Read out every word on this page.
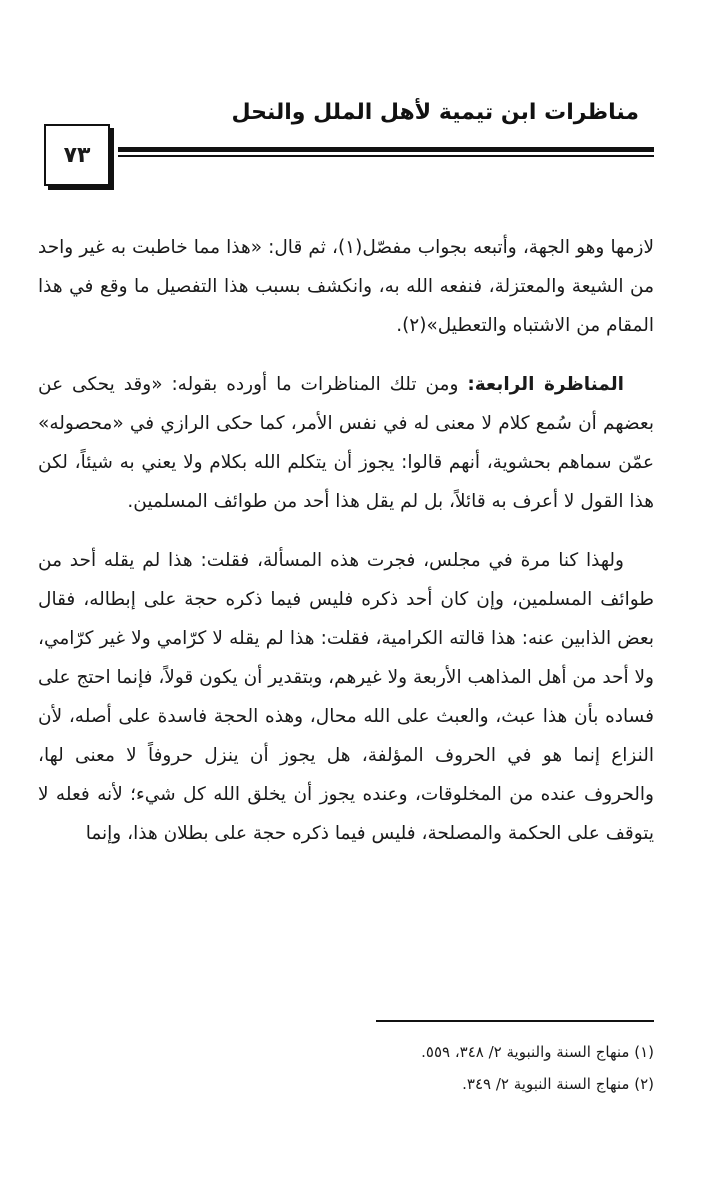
مناظرات ابن تيمية لأهل الملل والنحل
٧٣

لازمها وهو الجهة، وأتبعه بجواب مفصّل(١)، ثم قال: «هذا مما خاطبت به غير واحد من الشيعة والمعتزلة، فنفعه الله به، وانكشف بسبب هذا التفصيل ما وقع في هذا المقام من الاشتباه والتعطيل»(٢).

المناظرة الرابعة: ومن تلك المناظرات ما أورده بقوله: «وقد يحكى عن بعضهم أن سُمع كلام لا معنى له في نفس الأمر، كما حكى الرازي في «محصوله» عمّن سماهم بحشوية، أنهم قالوا: يجوز أن يتكلم الله بكلام ولا يعني به شيئاً، لكن هذا القول لا أعرف به قائلاً، بل لم يقل هذا أحد من طوائف المسلمين.

ولهذا كنا مرة في مجلس، فجرت هذه المسألة، فقلت: هذا لم يقله أحد من طوائف المسلمين، وإن كان أحد ذكره فليس فيما ذكره حجة على إبطاله، فقال بعض الذابين عنه: هذا قالته الكرامية، فقلت: هذا لم يقله لا كرّامي ولا غير كرّامي، ولا أحد من أهل المذاهب الأربعة ولا غيرهم، وبتقدير أن يكون قولاً، فإنما احتج على فساده بأن هذا عبث، والعبث على الله محال، وهذه الحجة فاسدة على أصله، لأن النزاع إنما هو في الحروف المؤلفة، هل يجوز أن ينزل حروفاً لا معنى لها، والحروف عنده من المخلوقات، وعنده يجوز أن يخلق الله كل شيء؛ لأنه فعله لا يتوقف على الحكمة والمصلحة، فليس فيما ذكره حجة على بطلان هذا، وإنما

(١) منهاج السنة والنبوية ٢/ ٣٤٨، ٥٥٩.

(٢) منهاج السنة النبوية ٢/ ٣٤٩.
